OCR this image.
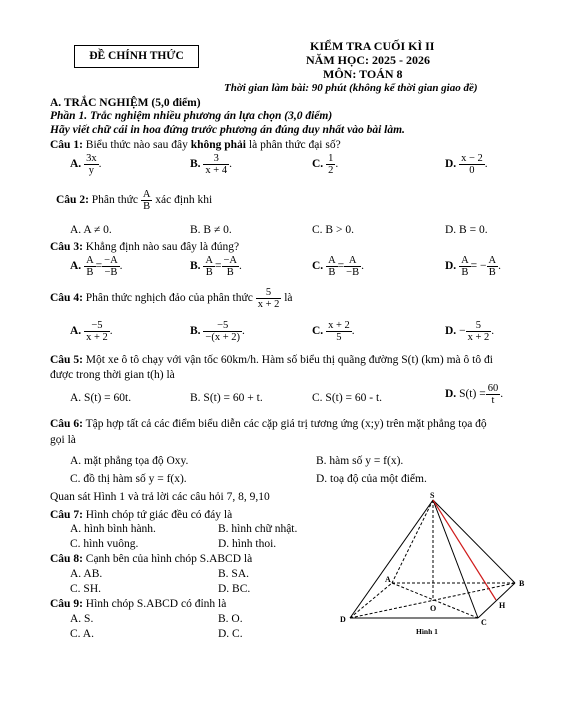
ĐỀ CHÍNH THỨC
KIỂM TRA CUỐI KÌ II
NĂM HỌC: 2025 - 2026
MÔN: TOÁN 8
Thời gian làm bài: 90 phút (không kể thời gian giao đề)
A. TRẮC NGHIỆM (5,0 điểm)
Phần 1. Trắc nghiệm nhiều phương án lựa chọn (3,0 điểm)
Hãy viết chữ cái in hoa đứng trước phương án đúng duy nhất vào bài làm.
Câu 1: Biểu thức nào sau đây không phải là phân thức đại số?
A. $\frac{3x}{y}$ .	B. $\frac{3}{x + 4}$ .	C. $\frac{1}{2}$ .	D. $\frac{x - 2}{0}$ .
Câu 2: Phân thức $\frac{A}{B}$ xác định khi
A. A ≠ 0.	B. B ≠ 0.	C. B > 0.	D. B = 0.
Câu 3: Khẳng định nào sau đây là đúng?
A. $\frac{A}{B} = \frac{-A}{-B}$ .	B. $\frac{A}{B} = \frac{-A}{B}$ .	C. $\frac{A}{B} = \frac{A}{-B}$ .	D. $\frac{A}{B}$ = − $\frac{A}{B}$ .
Câu 4: Phân thức nghịch đảo của phân thức $\frac{5}{x + 2}$ là
A. $\frac{-5}{x + 2}$ .	B. $\frac{-5}{-(x + 2)}$ .	C. $\frac{x + 2}{5}$ .	D. − $\frac{5}{x + 2}$ .
Câu 5: Một xe ô tô chạy với vận tốc 60km/h. Hàm số biểu thị quãng đường S(t) (km) mà ô tô đi
được trong thời gian t(h) là
A. S(t) = 60t.	B. S(t) = 60 + t.	C. S(t) = 60 - t.	D. $S(t) = \frac{60}{t}$ .
Câu 6: Tập hợp tất cả các điểm biểu diễn các cặp giá trị tương ứng (x;y) trên mặt phẳng tọa độ
gọi là
A. mặt phẳng tọa độ Oxy.	B. hàm số y = f(x).
C. đồ thị hàm số y = f(x).	D. toạ độ của một điểm.
Quan sát Hình 1 và trả lời các câu hỏi 7, 8, 9,10
Câu 7: Hình chóp tứ giác đều có đáy là
A. hình bình hành.	B. hình chữ nhật.
C. hình vuông.	D. hình thoi.
Câu 8: Cạnh bên của hình chóp S.ABCD là
A. AB.	B. SA.
C. SH.	D. BC.
Câu 9: Hình chóp S.ABCD có đỉnh là
A. S.	B. O.
C. A.	D. C.
S
A	B
C
D
O	H
Hình 1
